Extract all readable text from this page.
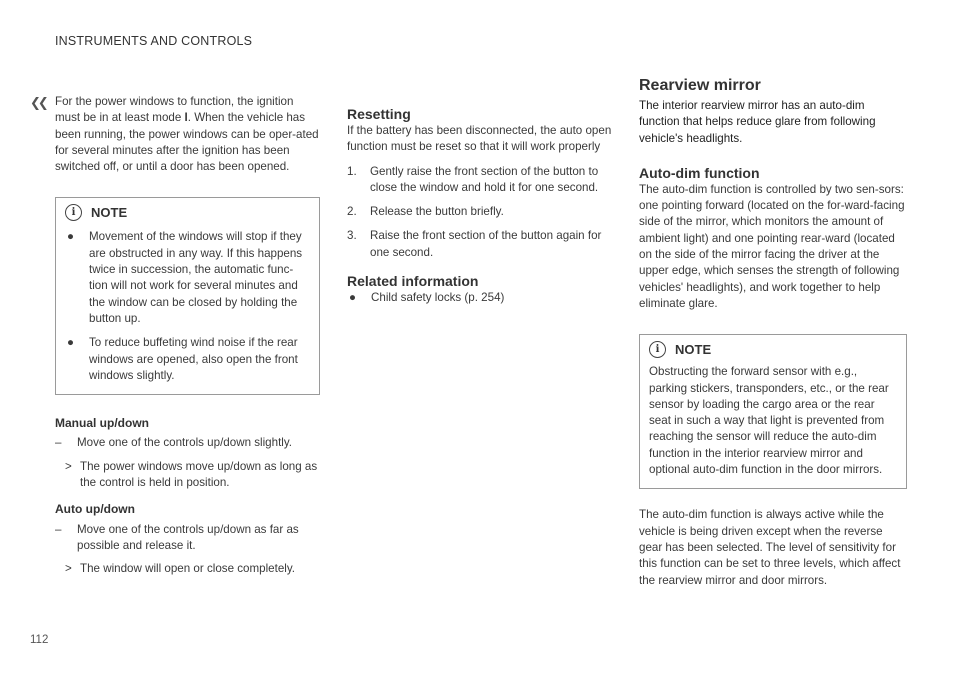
❮❮
INSTRUMENTS AND CONTROLS

For the power windows to function, the ignition must be in at least mode I. When the vehicle has been running, the power windows can be oper-ated for several minutes after the ignition has been switched off, or until a door has been opened.

i	NOTE
●	Movement of the windows will stop if they are obstructed in any way. If this happens twice in succession, the automatic func-tion will not work for several minutes and the window can be closed by holding the button up.
●	To reduce buffeting wind noise if the rear windows are opened, also open the front windows slightly.
Manual up/down
–	Move one of the controls up/down slightly.
> The power windows move up/down as long as the control is held in position.
Auto up/down
–	Move one of the controls up/down as far as possible and release it.
> The window will open or close completely.
Resetting

If the battery has been disconnected, the auto open function must be reset so that it will work properly

1.	Gently raise the front section of the button to close the window and hold it for one second.
2.	Release the button briefly.
3.	Raise the front section of the button again for one second.
Related information
●	Child safety locks (p. 254)
Rearview mirror

The interior rearview mirror has an auto-dim function that helps reduce glare from following vehicle's headlights.

Auto-dim function

The auto-dim function is controlled by two sen-sors: one pointing forward (located on the for-ward-facing side of the mirror, which monitors the amount of ambient light) and one pointing rear-ward (located on the side of the mirror facing the driver at the upper edge, which senses the strength of following vehicles' headlights), and work together to help eliminate glare.

i	NOTE

Obstructing the forward sensor with e.g., parking stickers, transponders, etc., or the rear sensor by loading the cargo area or the rear seat in such a way that light is prevented from reaching the sensor will reduce the auto-dim function in the interior rearview mirror and optional auto-dim function in the door mirrors.

The auto-dim function is always active while the vehicle is being driven except when the reverse gear has been selected. The level of sensitivity for this function can be set to three levels, which affect the rearview mirror and door mirrors.

112
